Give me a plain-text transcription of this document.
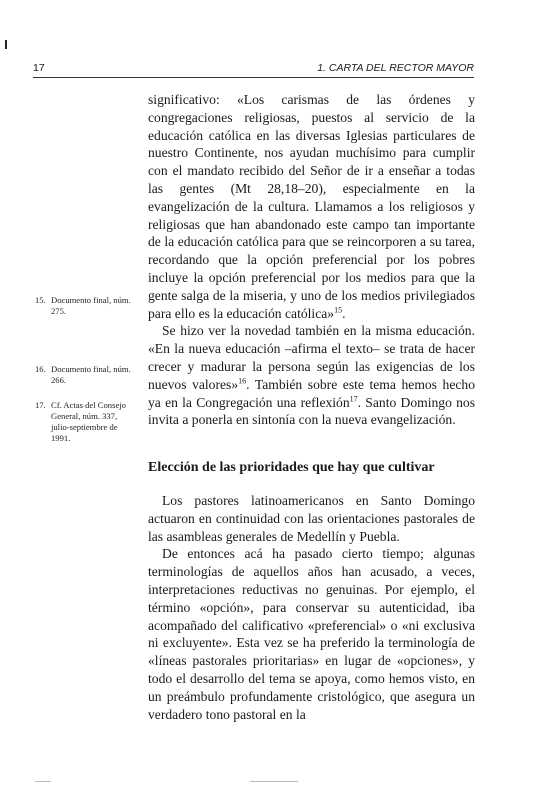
17	1. CARTA DEL RECTOR MAYOR

significativo: «Los carismas de las órdenes y congregaciones religiosas, puestos al servicio de la educación católica en las diversas Iglesias particulares de nuestro Continente, nos ayudan muchísimo para cumplir con el mandato recibido del Señor de ir a enseñar a todas las gentes (Mt 28,18–20), especialmente en la evangelización de la cultura. Llamamos a los religiosos y religiosas que han abandonado este campo tan importante de la educación católica para que se reincorporen a su tarea, recordando que la opción preferencial por los pobres incluye la opción preferencial por los medios para que la gente salga de la miseria, y uno de los medios privilegiados para ello es la educación católica»$^{15}$.

Se hizo ver la novedad también en la misma educación. «En la nueva educación –afirma el texto– se trata de hacer crecer y madurar la persona según las exigencias de los nuevos valores»$^{16}$. También sobre este tema hemos hecho ya en la Congregación una reflexión$^{17}$. Santo Domingo nos invita a ponerla en sintonía con la nueva evangelización.

15. Documento final, núm. 275.
16. Documento final, núm. 266.
17. Cf. Actas del Consejo General, núm. 337, julio-septiembre de 1991.
Elección de las prioridades que hay que cultivar

Los pastores latinoamericanos en Santo Domingo actuaron en continuidad con las orientaciones pastorales de las asambleas generales de Medellín y Puebla.

De entonces acá ha pasado cierto tiempo; algunas terminologías de aquellos años han acusado, a veces, interpretaciones reductivas no genuinas. Por ejemplo, el término «opción», para conservar su autenticidad, iba acompañado del calificativo «preferencial» o «ni exclusiva ni excluyente». Esta vez se ha preferido la terminología de «líneas pastorales prioritarias» en lugar de «opciones», y todo el desarrollo del tema se apoya, como hemos visto, en un preámbulo profundamente cristológico, que asegura un verdadero tono pastoral en la
